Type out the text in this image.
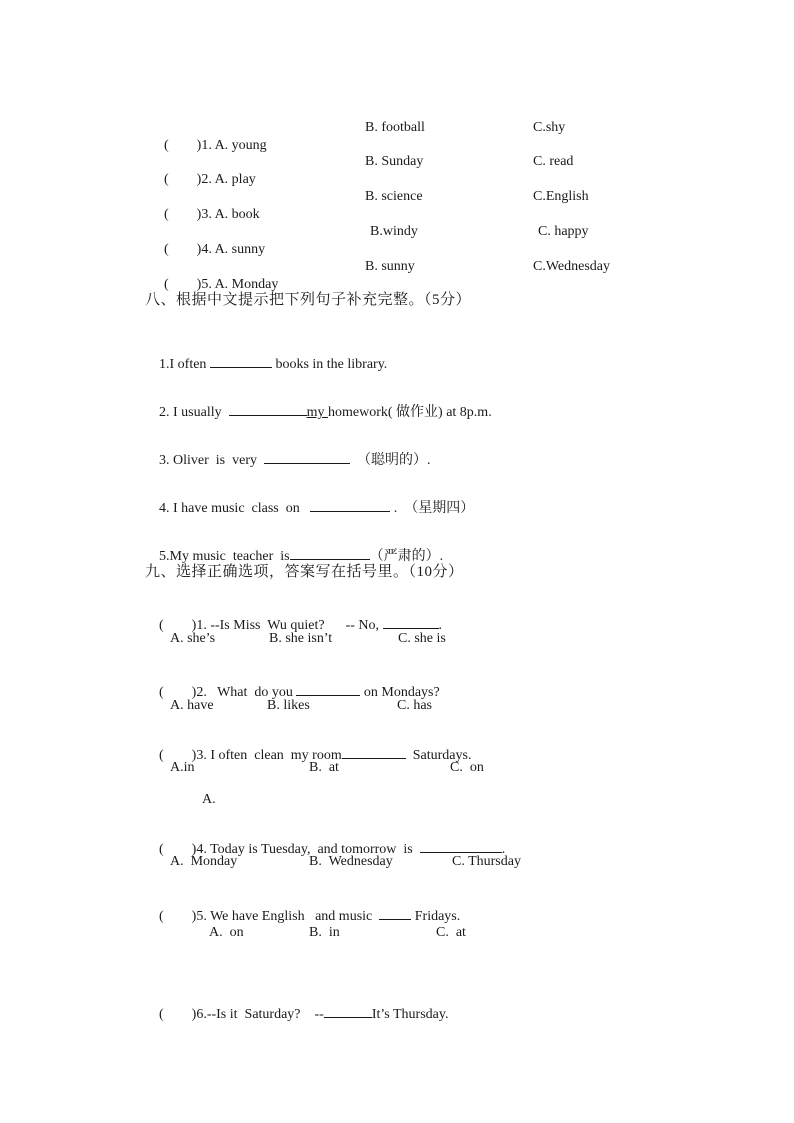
(　　)1. A. young

B. football	C.shy

(　　)2. A. play

B. Sunday	C. read

(　　)3. A. book

B. science	C.English

(　　)4. A. sunny

B.windy	C. happy

(　　)5. A. Monday

B. sunny	C.Wednesday
八、根据中文提示把下列句子补充完整。（5分）

1.I often	books in the library.

2. I usually	my homework( 做作业) at 8p.m.

3. Oliver  is  very	（聪明的）.

4. I have music  class  on	.  （星期四）

5.My music  teacher  is	（严肃的）.

九、选择正确选项，答案写在括号里。（10分）

(　　)1. --Is Miss  Wu quiet?      -- No,	.

A. she’s	B. she isn’t	C. she is

(　　)2.   What  do you	on Mondays?

A. have	B. likes	C. has

(　　)3. I often  clean  my room	Saturdays.

A.in	B.  at	C.  on
A.

(　　)4. Today is Tuesday,  and tomorrow  is	.

A.  Monday	B.  Wednesday	C. Thursday

(　　)5. We have English   and music   Fridays.

A.  on	B.  in	C.  at

(　　)6.--Is it  Saturday?    --	It’s Thursday.
